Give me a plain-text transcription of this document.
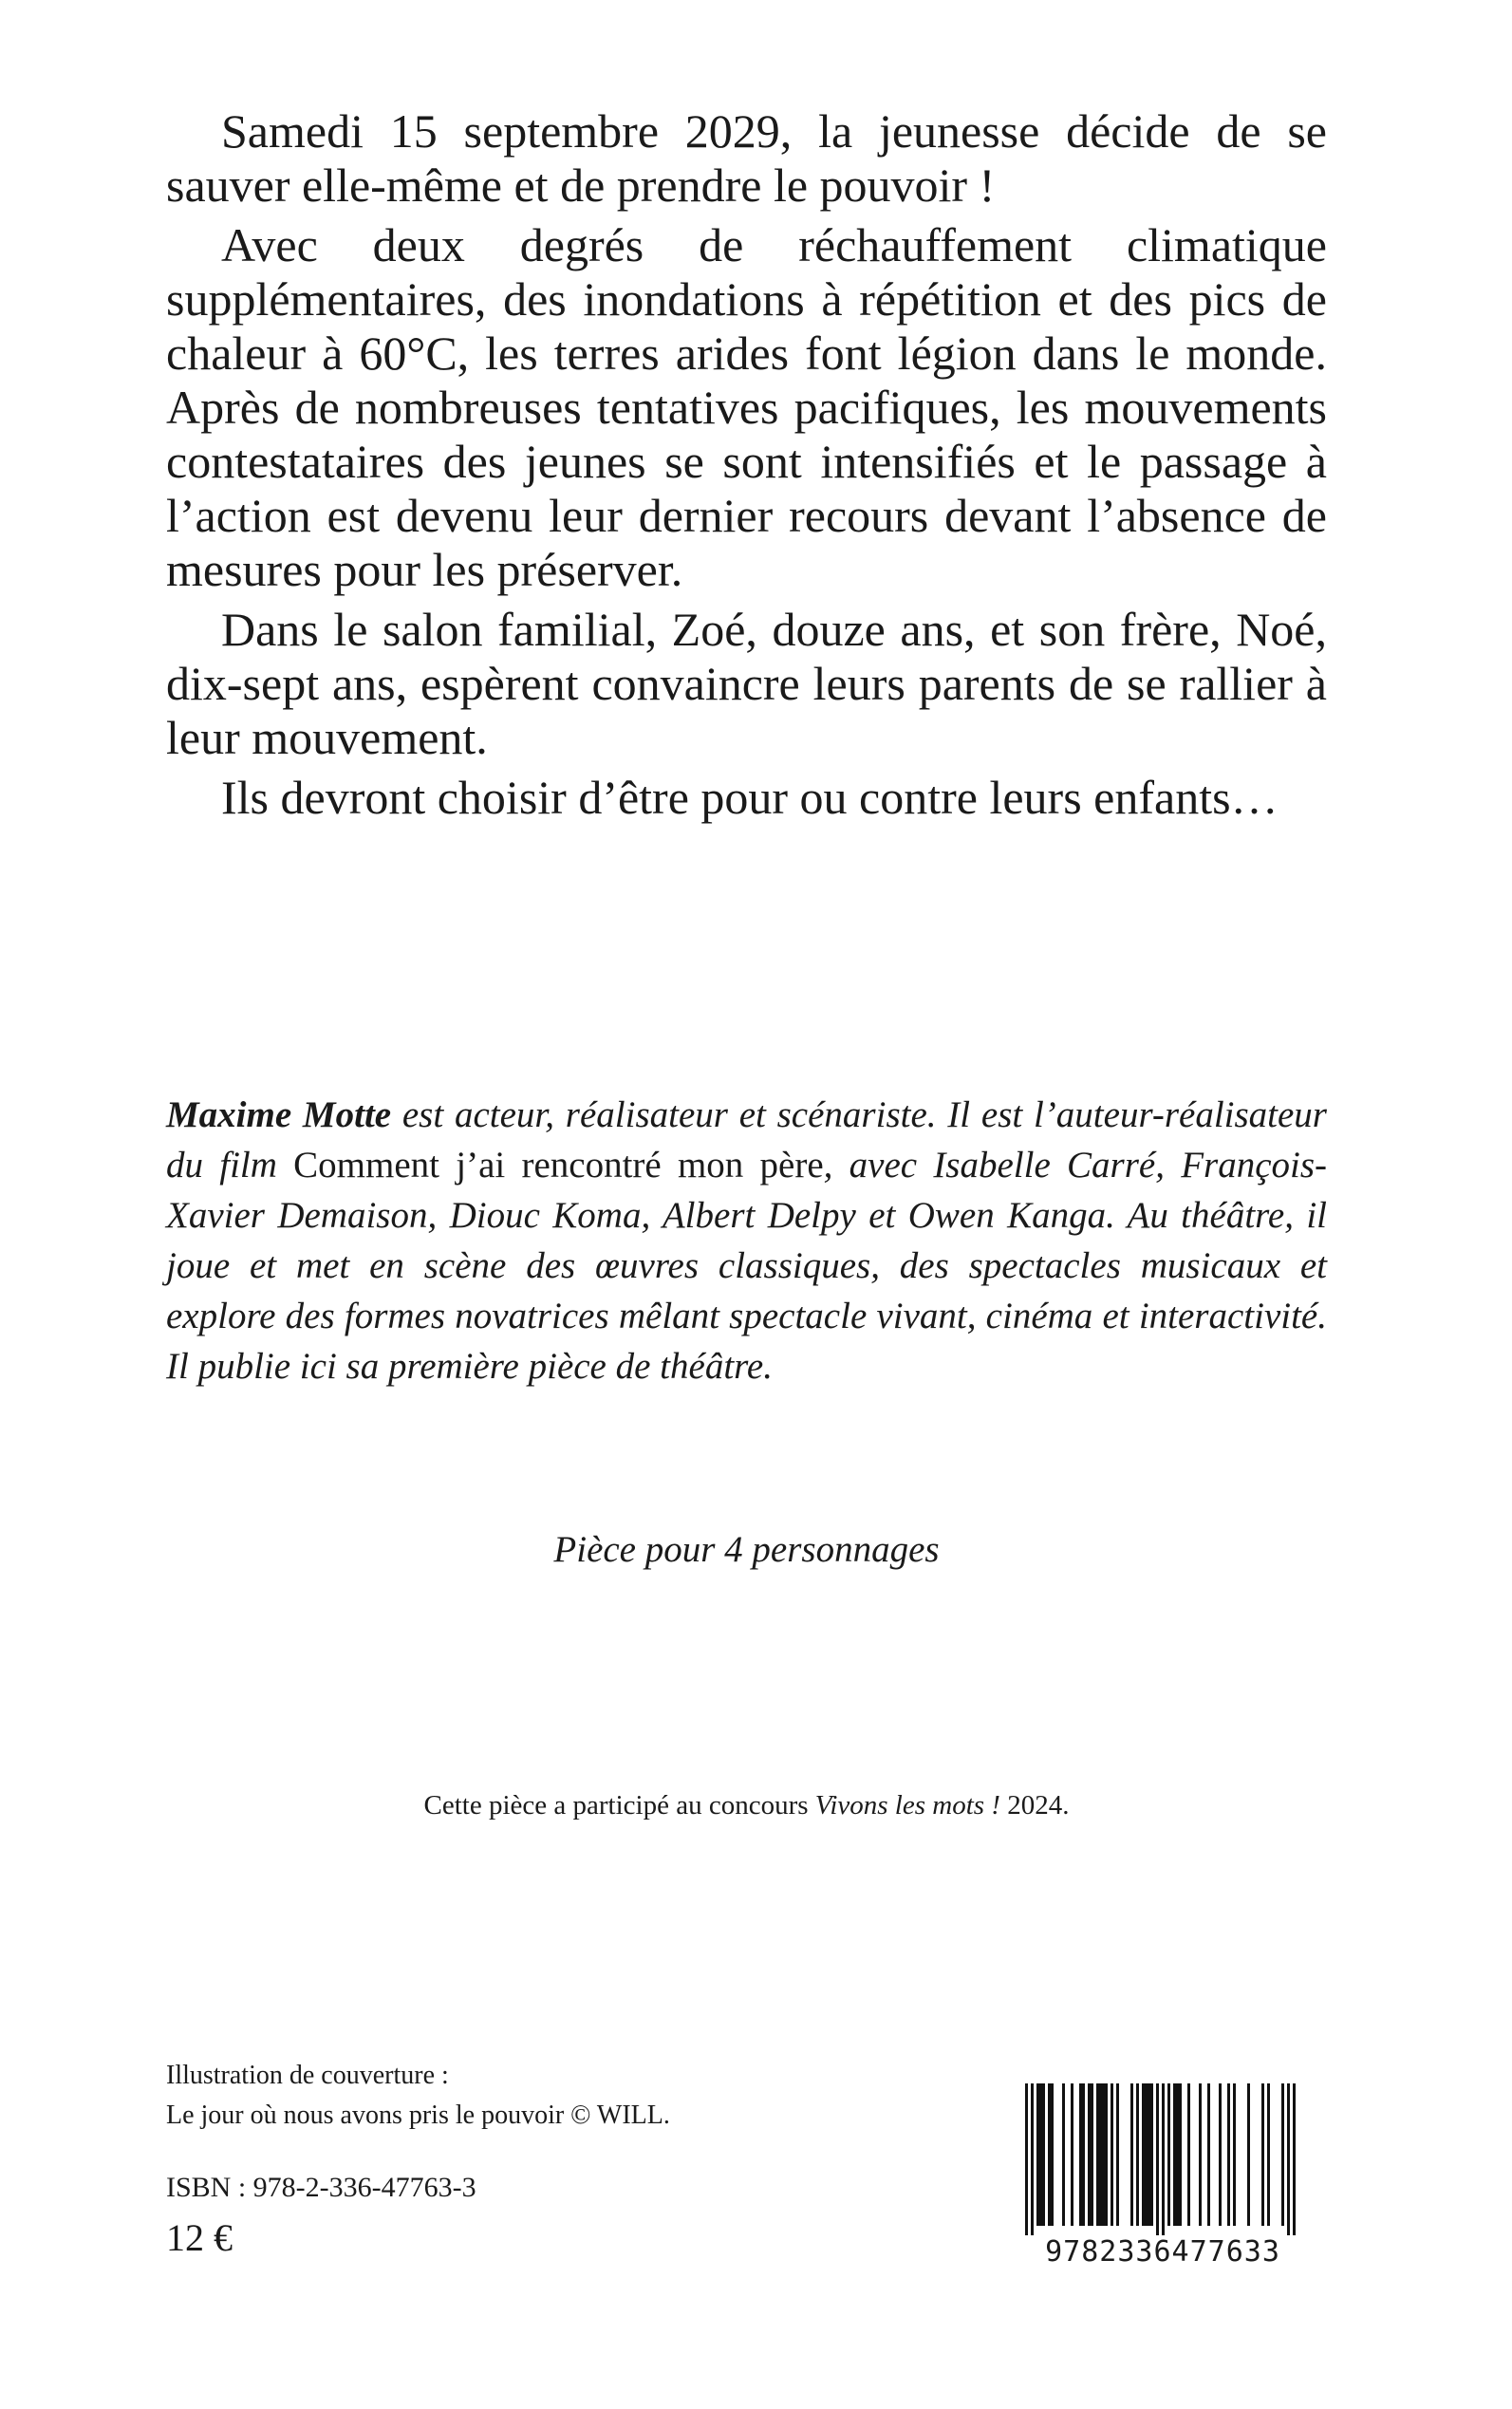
Samedi 15 septembre 2029, la jeunesse décide de se sauver elle-même et de prendre le pouvoir !

Avec deux degrés de réchauffement climatique supplémentaires, des inondations à répétition et des pics de chaleur à 60°C, les terres arides font légion dans le monde. Après de nombreuses tentatives pacifiques, les mouvements contestataires des jeunes se sont intensifiés et le passage à l’action est devenu leur dernier recours devant l’absence de mesures pour les préserver.

Dans le salon familial, Zoé, douze ans, et son frère, Noé, dix-sept ans, espèrent convaincre leurs parents de se rallier à leur mouvement.

Ils devront choisir d’être pour ou contre leurs enfants…

Maxime Motte est acteur, réalisateur et scénariste. Il est l’auteur-réalisateur du film Comment j’ai rencontré mon père, avec Isabelle Carré, François-Xavier Demaison, Diouc Koma, Albert Delpy et Owen Kanga. Au théâtre, il joue et met en scène des œuvres classiques, des spectacles musicaux et explore des formes novatrices mêlant spectacle vivant, cinéma et interactivité. Il publie ici sa première pièce de théâtre.

Pièce pour 4 personnages

Cette pièce a participé au concours Vivons les mots ! 2024.

Illustration de couverture :
Le jour où nous avons pris le pouvoir © WILL.

ISBN : 978-2-336-47763-3

12 €	9782336477633
